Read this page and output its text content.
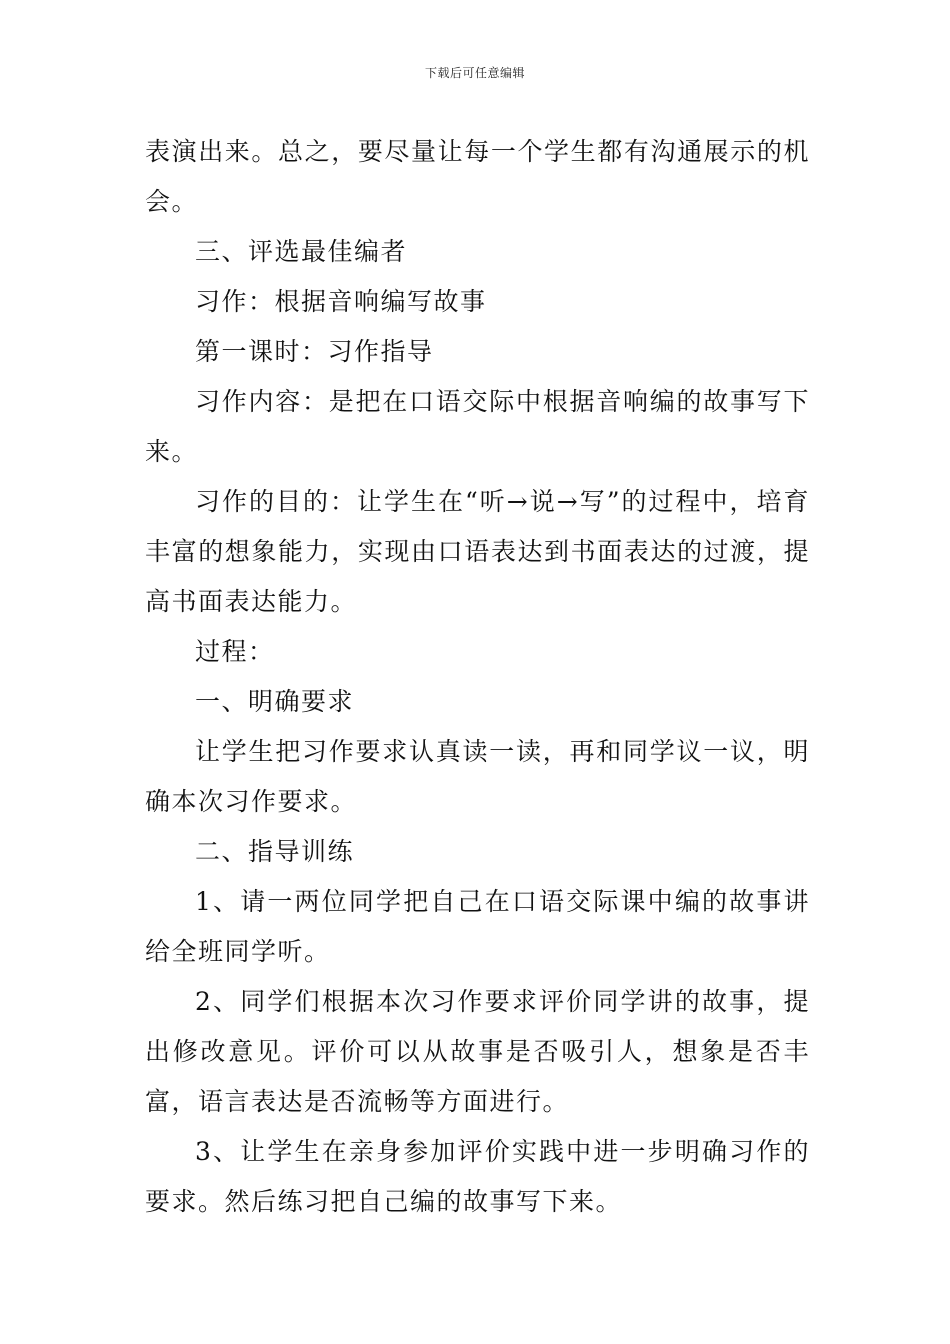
下载后可任意编辑

表演出来。总之，要尽量让每一个学生都有沟通展示的机会。

三、评选最佳编者

习作：根据音响编写故事

第一课时：习作指导

习作内容：是把在口语交际中根据音响编的故事写下来。

习作的目的：让学生在“听→说→写”的过程中，培育丰富的想象能力，实现由口语表达到书面表达的过渡，提高书面表达能力。

过程：

一、明确要求

让学生把习作要求认真读一读，再和同学议一议，明确本次习作要求。

二、指导训练

1、请一两位同学把自己在口语交际课中编的故事讲给全班同学听。

2、同学们根据本次习作要求评价同学讲的故事，提出修改意见。评价可以从故事是否吸引人，想象是否丰富，语言表达是否流畅等方面进行。

3、让学生在亲身参加评价实践中进一步明确习作的要求。然后练习把自己编的故事写下来。
